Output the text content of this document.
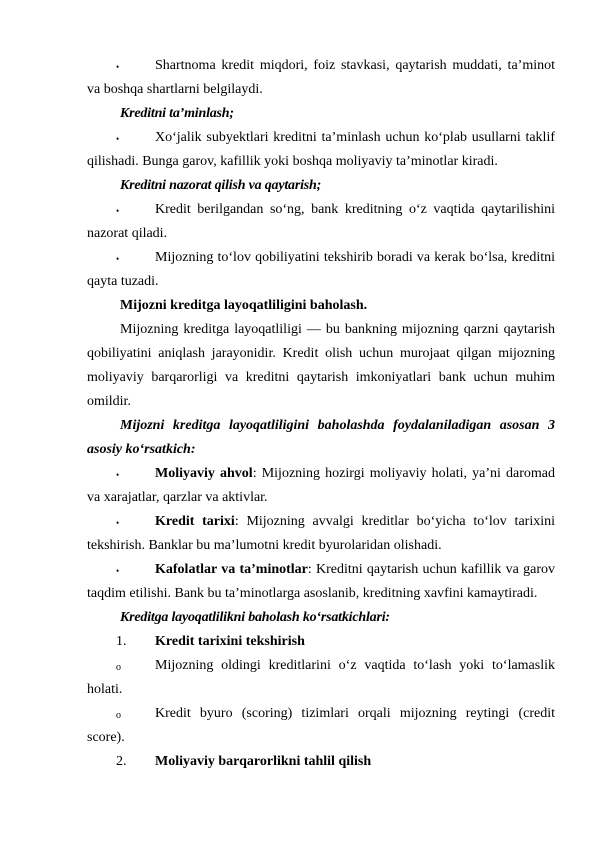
•	Shartnoma kredit miqdori, foiz stavkasi, qaytarish muddati, ta’minot va boshqa shartlarni belgilaydi.
Kreditni ta’minlash;
•	Xo‘jalik subyektlari kreditni ta’minlash uchun ko‘plab usullarni taklif qilishadi. Bunga garov, kafillik yoki boshqa moliyaviy ta’minotlar kiradi.
Kreditni nazorat qilish va qaytarish;
•	Kredit berilgandan so‘ng, bank kreditning o‘z vaqtida qaytarilishini nazorat qiladi.
•	Mijozning to‘lov qobiliyatini tekshirib boradi va kerak bo‘lsa, kreditni qayta tuzadi.
Mijozni kreditga layoqatliligini baholash.
Mijozning kreditga layoqatliligi — bu bankning mijozning qarzni qaytarish qobiliyatini aniqlash jarayonidir. Kredit olish uchun murojaat qilgan mijozning moliyaviy barqarorligi va kreditni qaytarish imkoniyatlari bank uchun muhim omildir.
Mijozni kreditga layoqatliligini baholashda foydalaniladigan asosan 3 asosiy ko‘rsatkich:
•	Moliyaviy ahvol: Mijozning hozirgi moliyaviy holati, ya’ni daromad va xarajatlar, qarzlar va aktivlar.
•	Kredit tarixi: Mijozning avvalgi kreditlar bo‘yicha to‘lov tarixini tekshirish. Banklar bu ma’lumotni kredit byurolaridan olishadi.
•	Kafolatlar va ta’minotlar: Kreditni qaytarish uchun kafillik va garov taqdim etilishi. Bank bu ta’minotlarga asoslanib, kreditning xavfini kamaytiradi.
Kreditga layoqatlilikni baholash ko‘rsatkichlari:
1.	Kredit tarixini tekshirish
o	Mijozning oldingi kreditlarini o‘z vaqtida to‘lash yoki to‘lamaslik holati.
o	Kredit byuro (scoring) tizimlari orqali mijozning reytingi (credit score).
2.	Moliyaviy barqarorlikni tahlil qilish
